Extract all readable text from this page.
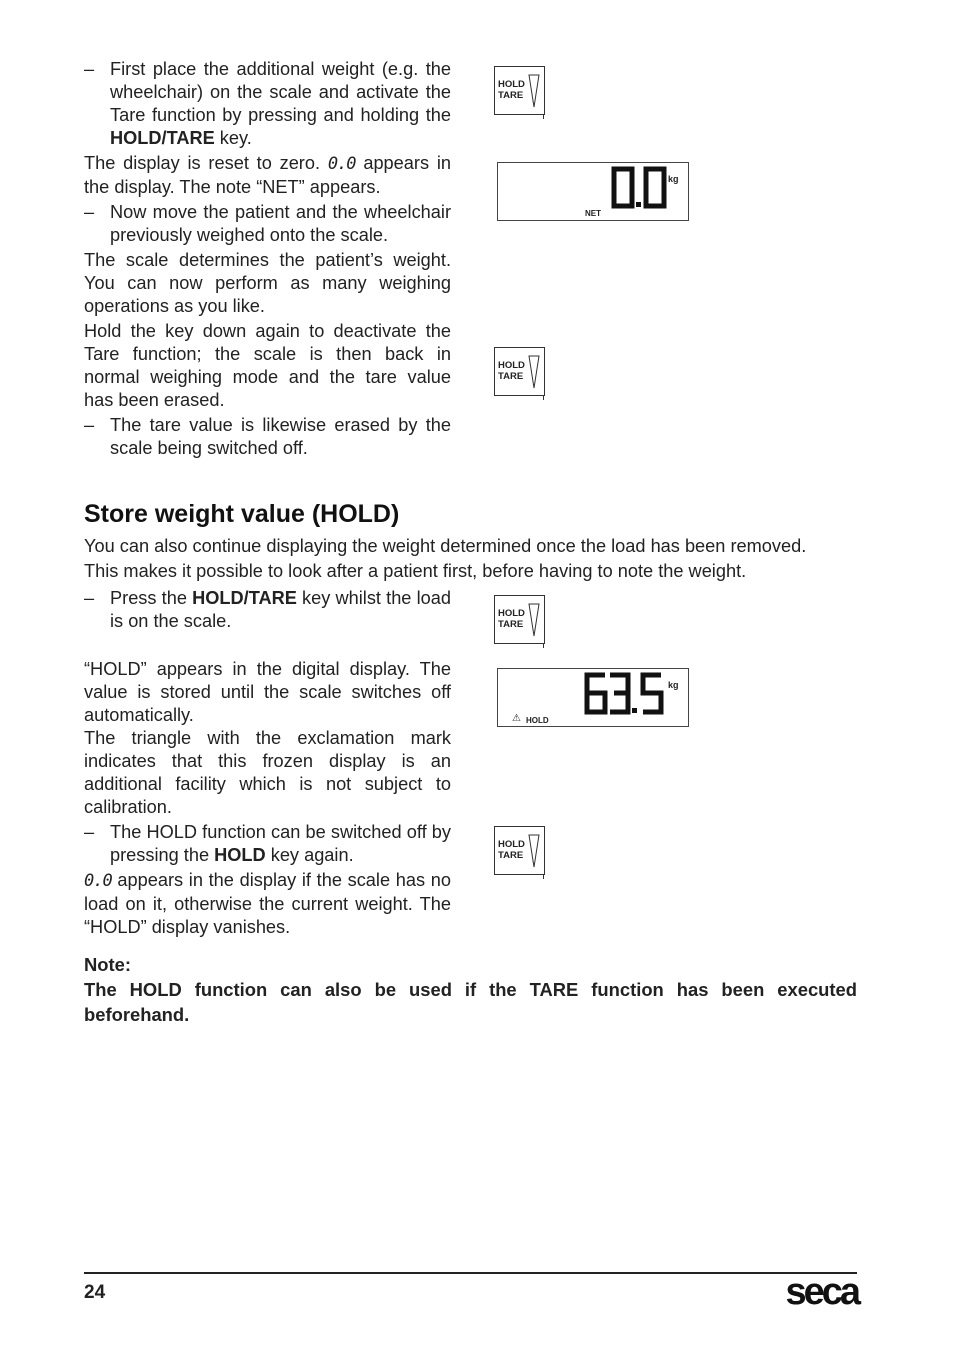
– First place the additional weight (e.g. the wheelchair) on the scale and activate the Tare function by pressing and holding the HOLD/TARE key.

The display is reset to zero. 0.0 appears in the display. The note “NET” appears.

– Now move the patient and the wheelchair previously weighed onto the scale.

The scale determines the patient’s weight. You can now perform as many weighing operations as you like.

Hold the key down again to deactivate the Tare function; the scale is then back in normal weighing mode and the tare value has been erased.

– The tare value is likewise erased by the scale being switched off.

HOLD
TARE
kg
NET
HOLD
TARE
Store weight value (HOLD)
You can also continue displaying the weight determined once the load has been removed.
This makes it possible to look after a patient first, before having to note the weight.

– Press the HOLD/TARE key whilst the load is on the scale.

“HOLD” appears in the digital display. The value is stored until the scale switches off automatically.

The triangle with the exclamation mark indicates that this frozen display is an additional facility which is not subject to calibration.

– The HOLD function can be switched off by pressing the HOLD key again.

0.0 appears in the display if the scale has no load on it, otherwise the current weight. The “HOLD” display vanishes.

HOLD
TARE
kg
⚠ HOLD
HOLD
TARE
Note:
The HOLD function can also be used if the TARE function has been executed beforehand.
24	seca
